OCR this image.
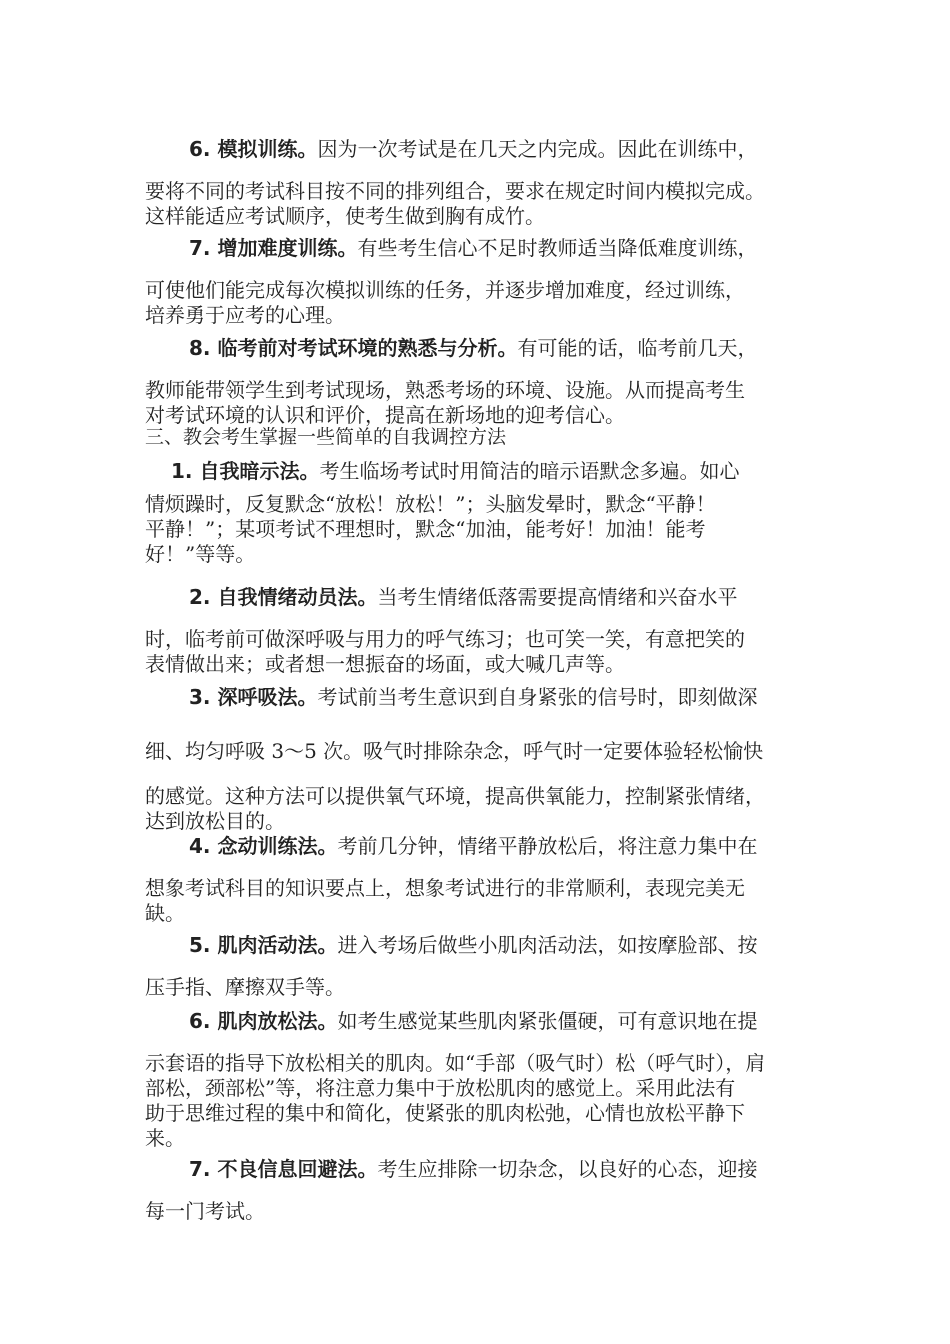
6. 模拟训练。因为一次考试是在几天之内完成。因此在训练中，
要将不同的考试科目按不同的排列组合，要求在规定时间内模拟完成。
这样能适应考试顺序，使考生做到胸有成竹。
7. 增加难度训练。有些考生信心不足时教师适当降低难度训练，
可使他们能完成每次模拟训练的任务，并逐步增加难度，经过训练，
培养勇于应考的心理。
8. 临考前对考试环境的熟悉与分析。有可能的话，临考前几天，
教师能带领学生到考试现场，熟悉考场的环境、设施。从而提高考生
对考试环境的认识和评价，提高在新场地的迎考信心。
三、教会考生掌握一些简单的自我调控方法
1. 自我暗示法。考生临场考试时用简洁的暗示语默念多遍。如心
情烦躁时，反复默念“放松！放松！”；头脑发晕时，默念“平静！
平静！”；某项考试不理想时，默念“加油，能考好！加油！能考
好！”等等。
2. 自我情绪动员法。当考生情绪低落需要提高情绪和兴奋水平
时，临考前可做深呼吸与用力的呼气练习；也可笑一笑，有意把笑的
表情做出来；或者想一想振奋的场面，或大喊几声等。
3. 深呼吸法。考试前当考生意识到自身紧张的信号时，即刻做深
细、均匀呼吸 3～5 次。吸气时排除杂念，呼气时一定要体验轻松愉快
的感觉。这种方法可以提供氧气环境，提高供氧能力，控制紧张情绪，
达到放松目的。
4. 念动训练法。考前几分钟，情绪平静放松后，将注意力集中在
想象考试科目的知识要点上，想象考试进行的非常顺利，表现完美无
缺。
5. 肌肉活动法。进入考场后做些小肌肉活动法，如按摩脸部、按
压手指、摩擦双手等。
6. 肌肉放松法。如考生感觉某些肌肉紧张僵硬，可有意识地在提
示套语的指导下放松相关的肌肉。如“手部（吸气时）松（呼气时），肩
部松，颈部松”等，将注意力集中于放松肌肉的感觉上。采用此法有
助于思维过程的集中和简化，使紧张的肌肉松弛，心情也放松平静下
来。
7. 不良信息回避法。考生应排除一切杂念，以良好的心态，迎接
每一门考试。
